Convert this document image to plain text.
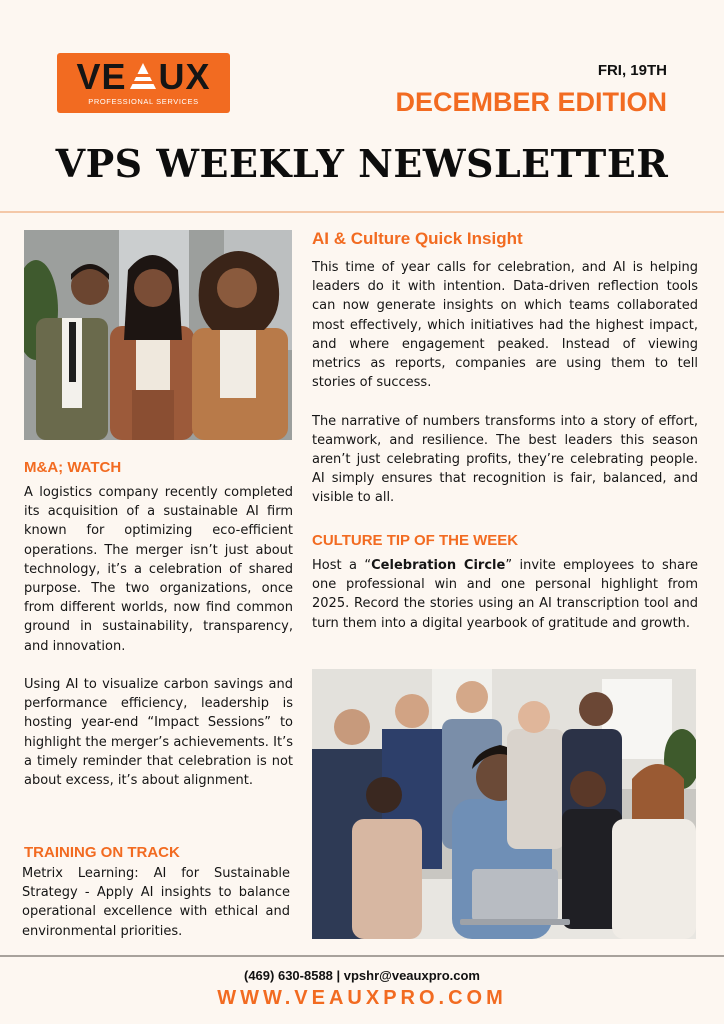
VE UX
PROFESSIONAL SERVICES
FRI, 19TH
DECEMBER EDITION
VPS WEEKLY NEWSLETTER
M&A; WATCH

A logistics company recently completed its acquisition of a sustainable AI firm known for optimizing eco-efficient operations. The merger isn’t just about technology, it’s a celebration of shared purpose. The two organizations, once from different worlds, now find common ground in sustainability, transparency, and innovation.

Using AI to visualize carbon savings and performance efficiency, leadership is hosting year-end “Impact Sessions” to highlight the merger’s achievements. It’s a timely reminder that celebration is not about excess, it’s about alignment.

TRAINING ON TRACK

Metrix Learning: AI for Sustainable Strategy - Apply AI insights to balance operational excellence with ethical and environmental priorities.

AI & Culture Quick Insight

This time of year calls for celebration, and AI is helping leaders do it with intention. Data-driven reflection tools can now generate insights on which teams collaborated most effectively, which initiatives had the highest impact, and where engagement peaked. Instead of viewing metrics as reports, companies are using them to tell stories of success.

The narrative of numbers transforms into a story of effort, teamwork, and resilience. The best leaders this season aren’t just celebrating profits, they’re celebrating people. AI simply ensures that recognition is fair, balanced, and visible to all.

CULTURE TIP OF THE WEEK

Host a “Celebration Circle” invite employees to share one professional win and one personal highlight from 2025. Record the stories using an AI transcription tool and turn them into a digital yearbook of gratitude and growth.

(469) 630-8588 | vpshr@veauxpro.com
WWW.VEAUXPRO.COM
